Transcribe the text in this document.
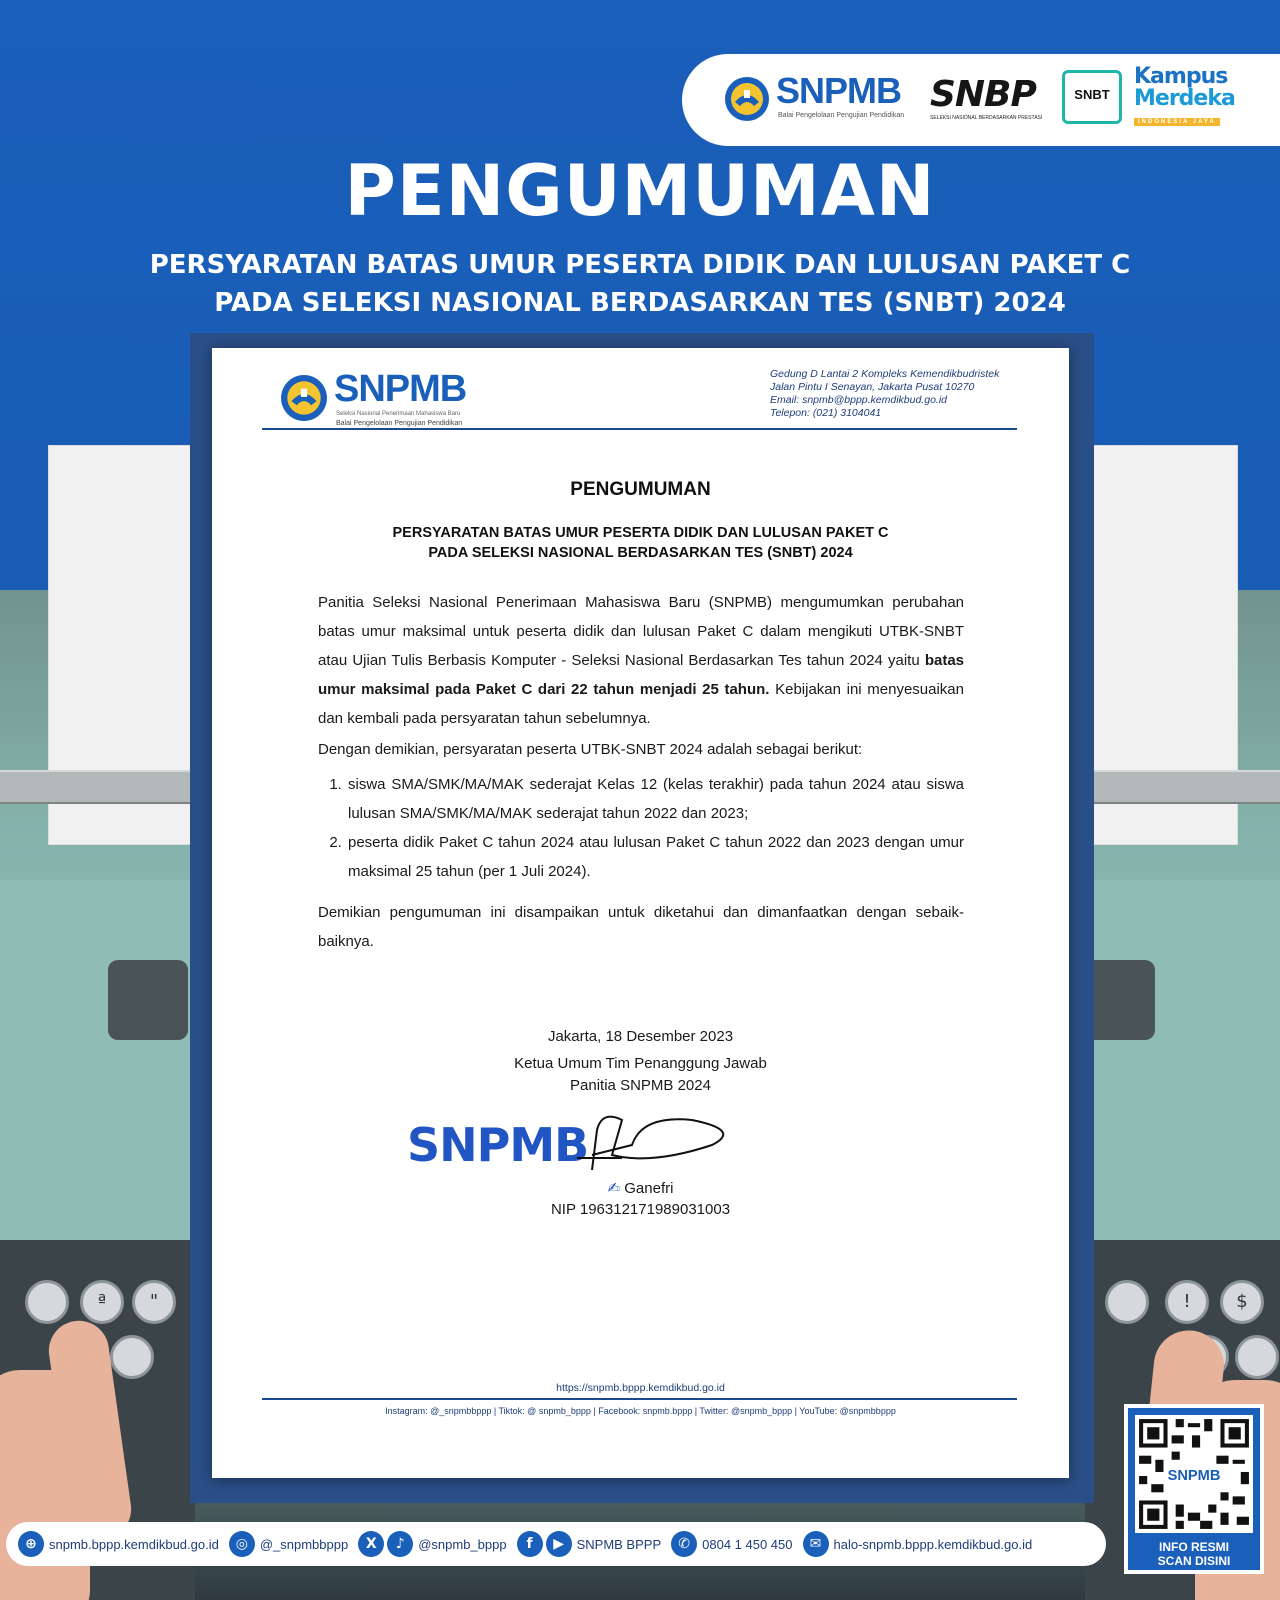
ª	"	!	$
SNPMB
Balai Pengelolaan Pengujian Pendidikan
SNBP
SELEKSI NASIONAL BERDASARKAN PRESTASI
SNBT
Kampus
Merdeka
INDONESIA JAYA
PENGUMUMAN
PERSYARATAN BATAS UMUR PESERTA DIDIK DAN LULUSAN PAKET C
PADA SELEKSI NASIONAL BERDASARKAN TES (SNBT) 2024
SNPMB
Seleksi Nasional Penerimaan Mahasiswa Baru
Balai Pengelolaan Pengujian Pendidikan
Gedung D Lantai 2 Kompleks Kemendikbudristek
Jalan Pintu I Senayan, Jakarta Pusat 10270
Email: snpmb@bppp.kemdikbud.go.id
Telepon: (021) 3104041
PENGUMUMAN
PERSYARATAN BATAS UMUR PESERTA DIDIK DAN LULUSAN PAKET C
PADA SELEKSI NASIONAL BERDASARKAN TES (SNBT) 2024

Panitia Seleksi Nasional Penerimaan Mahasiswa Baru (SNPMB) mengumumkan perubahan batas umur maksimal untuk peserta didik dan lulusan Paket C dalam mengikuti UTBK-SNBT atau Ujian Tulis Berbasis Komputer - Seleksi Nasional Berdasarkan Tes tahun 2024 yaitu batas umur maksimal pada Paket C dari 22 tahun menjadi 25 tahun. Kebijakan ini menyesuaikan dan kembali pada persyaratan tahun sebelumnya.

Dengan demikian, persyaratan peserta UTBK-SNBT 2024 adalah sebagai berikut:

1. siswa SMA/SMK/MA/MAK sederajat Kelas 12 (kelas terakhir) pada tahun 2024 atau siswa lulusan SMA/SMK/MA/MAK sederajat tahun 2022 dan 2023;
2. peserta didik Paket C tahun 2024 atau lulusan Paket C tahun 2022 dan 2023 dengan umur maksimal 25 tahun (per 1 Juli 2024).

Demikian pengumuman ini disampaikan untuk diketahui dan dimanfaatkan dengan sebaik-baiknya.

Jakarta, 18 Desember 2023
Ketua Umum Tim Penanggung Jawab
Panitia SNPMB 2024
SNPMB
✍ Ganefri
NIP 196312171989031003
https://snpmb.bppp.kemdikbud.go.id
Instagram: @_snpmbbppp | Tiktok: @ snpmb_bppp | Facebook: snpmb.bppp | Twitter: @snpmb_bppp | YouTube: @snpmbbppp
⊕ snpmb.bppp.kemdikbud.go.id	◎ @_snpmbbppp	X	♪	@snpmb_bppp	f	▶ SNPMB BPPP	✆ 0804 1 450 450	✉ halo-snpmb.bppp.kemdikbud.go.id
SNPMB
INFO RESMI
SCAN DISINI
